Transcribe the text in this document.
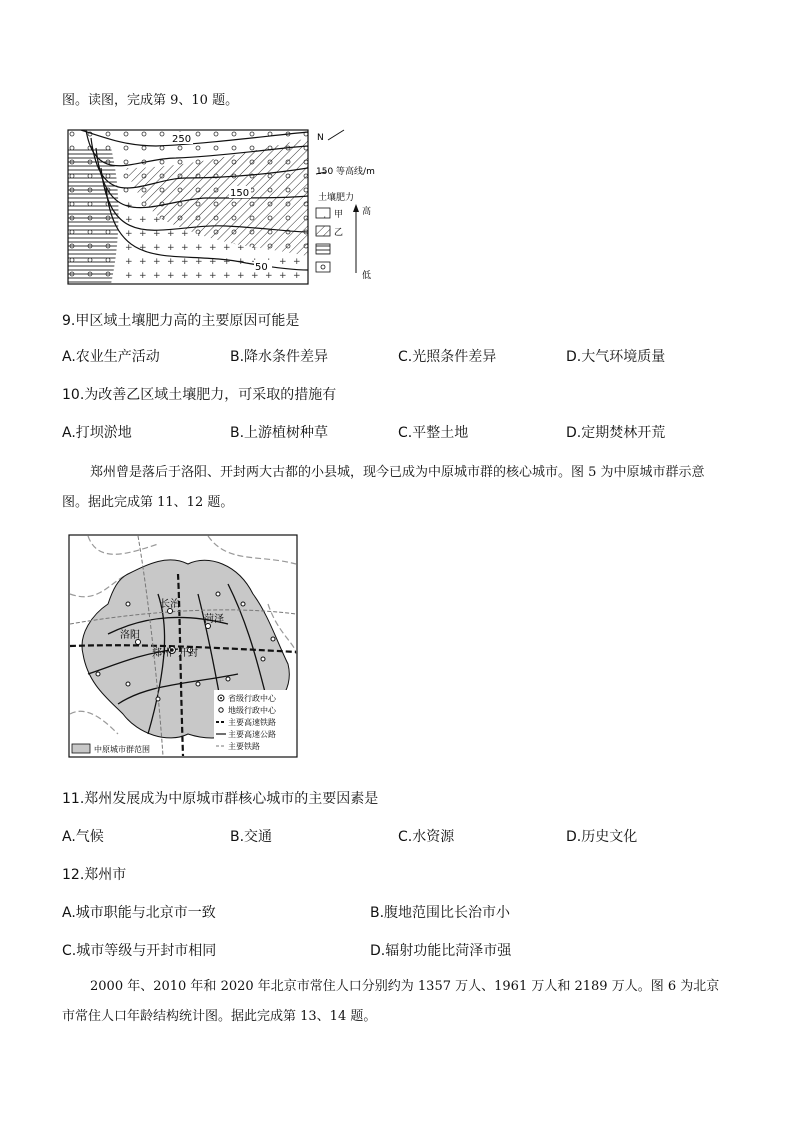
图。读图，完成第 9、10 题。
250
150
50
N
150 等高线/m
土壤肥力
甲
乙
高
低
9.甲区域土壤肥力高的主要原因可能是
A.农业生产活动	B.降水条件差异	C.光照条件差异	D.大气环境质量
10.为改善乙区域土壤肥力，可采取的措施有
A.打坝淤地	B.上游植树种草	C.平整土地	D.定期焚林开荒
郑州曾是落后于洛阳、开封两大古都的小县城，现今已成为中原城市群的核心城市。图 5 为中原城市群示意图。据此完成第 11、12 题。
长治
菏泽
洛阳
郑州 开封
省级行政中心
地级行政中心
主要高速铁路
主要高速公路
主要铁路
中原城市群范围
11.郑州发展成为中原城市群核心城市的主要因素是
A.气候	B.交通	C.水资源	D.历史文化
12.郑州市
A.城市职能与北京市一致	B.腹地范围比长治市小
C.城市等级与开封市相同	D.辐射功能比菏泽市强
2000 年、2010 年和 2020 年北京市常住人口分别约为 1357 万人、1961 万人和 2189 万人。图 6 为北京市常住人口年龄结构统计图。据此完成第 13、14 题。
